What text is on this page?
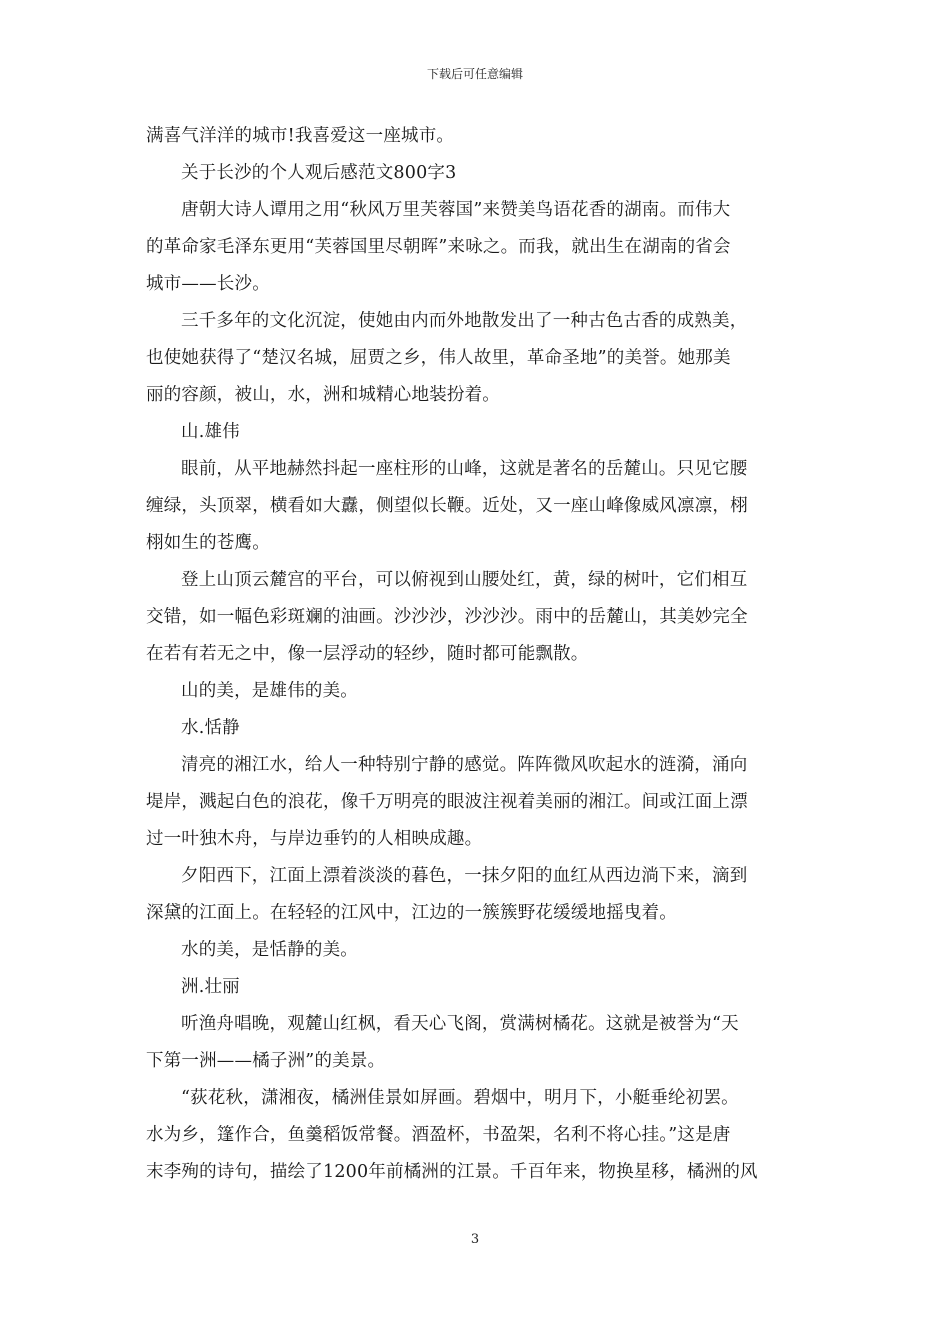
下载后可任意编辑
满喜气洋洋的城市!我喜爱这一座城市。
关于长沙的个人观后感范文800字3
唐朝大诗人谭用之用“秋风万里芙蓉国”来赞美鸟语花香的湖南。而伟大
的革命家毛泽东更用“芙蓉国里尽朝晖”来咏之。而我，就出生在湖南的省会
城市——长沙。
三千多年的文化沉淀，使她由内而外地散发出了一种古色古香的成熟美，
也使她获得了“楚汉名城，屈贾之乡，伟人故里，革命圣地”的美誉。她那美
丽的容颜，被山，水，洲和城精心地装扮着。
山.雄伟
眼前，从平地赫然抖起一座柱形的山峰，这就是著名的岳麓山。只见它腰
缠绿，头顶翠，横看如大纛，侧望似长鞭。近处，又一座山峰像威风凛凛，栩
栩如生的苍鹰。
登上山顶云麓宫的平台，可以俯视到山腰处红，黄，绿的树叶，它们相互
交错，如一幅色彩斑斓的油画。沙沙沙，沙沙沙。雨中的岳麓山，其美妙完全
在若有若无之中，像一层浮动的轻纱，随时都可能飘散。
山的美，是雄伟的美。
水.恬静
清亮的湘江水，给人一种特别宁静的感觉。阵阵微风吹起水的涟漪，涌向
堤岸，溅起白色的浪花，像千万明亮的眼波注视着美丽的湘江。间或江面上漂
过一叶独木舟，与岸边垂钓的人相映成趣。
夕阳西下，江面上漂着淡淡的暮色，一抹夕阳的血红从西边淌下来，滴到
深黛的江面上。在轻轻的江风中，江边的一簇簇野花缓缓地摇曳着。
水的美，是恬静的美。
洲.壮丽
听渔舟唱晚，观麓山红枫，看天心飞阁，赏满树橘花。这就是被誉为“天
下第一洲——橘子洲”的美景。
“荻花秋，潇湘夜，橘洲佳景如屏画。碧烟中，明月下，小艇垂纶初罢。
水为乡，篷作合，鱼羹稻饭常餐。酒盈杯，书盈架，名利不将心挂。”这是唐
末李殉的诗句，描绘了1200年前橘洲的江景。千百年来，物换星移，橘洲的风
3
